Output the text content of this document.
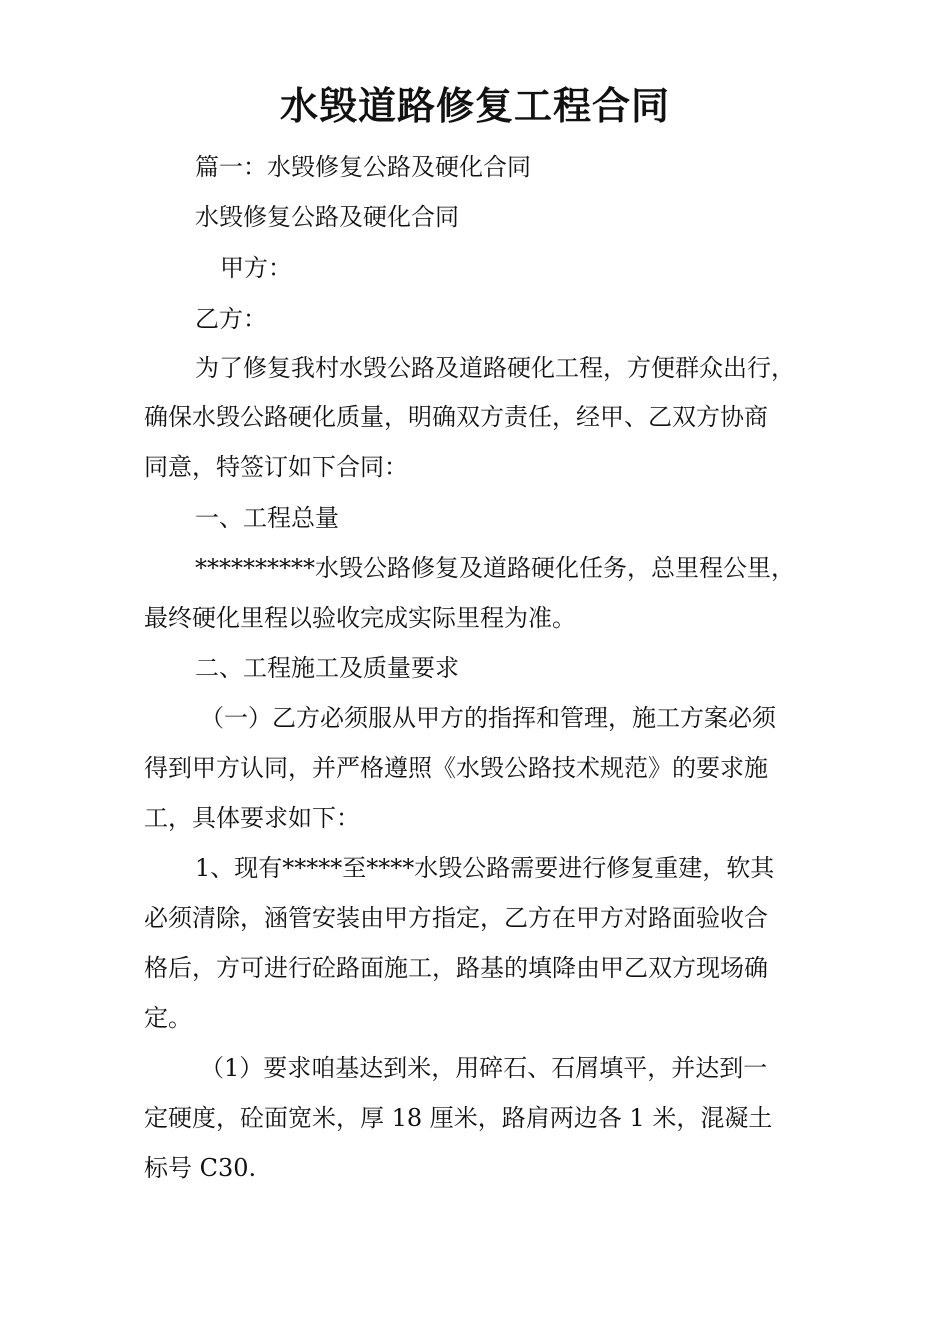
水毁道路修复工程合同

篇一：水毁修复公路及硬化合同

水毁修复公路及硬化合同

甲方：

乙方：

为了修复我村水毁公路及道路硬化工程，方便群众出行，

确保水毁公路硬化质量，明确双方责任，经甲、乙双方协商

同意，特签订如下合同：

一、工程总量

**********水毁公路修复及道路硬化任务，总里程公里，

最终硬化里程以验收完成实际里程为准。

二、工程施工及质量要求

（一）乙方必须服从甲方的指挥和管理，施工方案必须

得到甲方认同，并严格遵照《水毁公路技术规范》的要求施

工，具体要求如下：

1、现有*****至****水毁公路需要进行修复重建，软其

必须清除，涵管安装由甲方指定，乙方在甲方对路面验收合

格后，方可进行砼路面施工，路基的填降由甲乙双方现场确

定。

（1）要求咱基达到米，用碎石、石屑填平，并达到一

定硬度，砼面宽米，厚 18 厘米，路肩两边各 1 米，混凝土

标号 C30.
